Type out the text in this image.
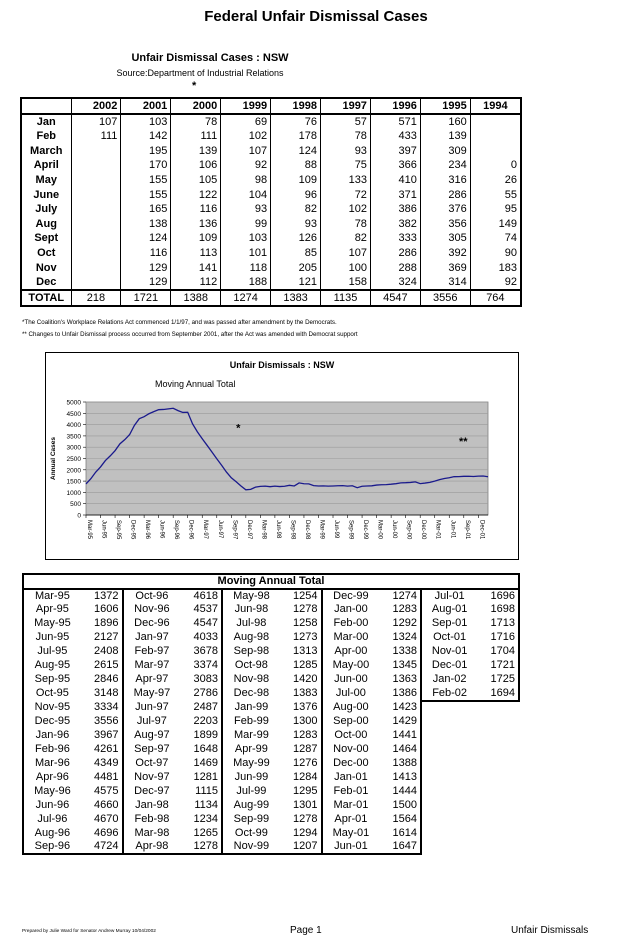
Federal Unfair Dismissal Cases
Unfair Dismissal Cases : NSW
Source:Department of Industrial Relations
*
	2002	2001	2000	1999	1998	1997	1996	1995	1994
Jan	107	103	78	69	76	57	571	160	
Feb	111	142	111	102	178	78	433	139	
March		195	139	107	124	93	397	309	
April		170	106	92	88	75	366	234	0
May		155	105	98	109	133	410	316	26
June		155	122	104	96	72	371	286	55
July		165	116	93	82	102	386	376	95
Aug		138	136	99	93	78	382	356	149
Sept		124	109	103	126	82	333	305	74
Oct		116	113	101	85	107	286	392	90
Nov		129	141	118	205	100	288	369	183
Dec		129	112	188	121	158	324	314	92
TOTAL	218	1721	1388	1274	1383	1135	4547	3556	764
*The Coalition's Workplace Relations Act commenced 1/1/97, and was passed after amendment by the Democrats.
** Changes to Unfair Dismissal process occurred from September 2001, after the Act was amended with Democrat support
Unfair Dismissals : NSW
Moving Annual Total
0
500
1000
1500
2000
2500
3000
3500
4000
4500
5000
Annual Cases
Mar-95 Jun-95 Sep-95 Dec-95 Mar-96 Jun-96 Sep-96 Dec-96 Mar-97 Jun-97 Sep-97 Dec-97 Mar-98 Jun-98 Sep-98 Dec-98 Mar-99 Jun-99 Sep-99 Dec-99 Mar-00 Jun-00 Sep-00 Dec-00 Mar-01 Jun-01 Sep-01 Dec-01
*
**
Moving Annual Total									
Mar-95	1372	Oct-96	4618	May-98	1254	Dec-99	1274	Jul-01	1696
Apr-95	1606	Nov-96	4537	Jun-98	1278	Jan-00	1283	Aug-01	1698
May-95	1896	Dec-96	4547	Jul-98	1258	Feb-00	1292	Sep-01	1713
Jun-95	2127	Jan-97	4033	Aug-98	1273	Mar-00	1324	Oct-01	1716
Jul-95	2408	Feb-97	3678	Sep-98	1313	Apr-00	1338	Nov-01	1704
Aug-95	2615	Mar-97	3374	Oct-98	1285	May-00	1345	Dec-01	1721
Sep-95	2846	Apr-97	3083	Nov-98	1420	Jun-00	1363	Jan-02	1725
Oct-95	3148	May-97	2786	Dec-98	1383	Jul-00	1386	Feb-02	1694
Nov-95	3334	Jun-97	2487	Jan-99	1376	Aug-00	1423		
Dec-95	3556	Jul-97	2203	Feb-99	1300	Sep-00	1429		
Jan-96	3967	Aug-97	1899	Mar-99	1283	Oct-00	1441		
Feb-96	4261	Sep-97	1648	Apr-99	1287	Nov-00	1464		
Mar-96	4349	Oct-97	1469	May-99	1276	Dec-00	1388		
Apr-96	4481	Nov-97	1281	Jun-99	1284	Jan-01	1413		
May-96	4575	Dec-97	1115	Jul-99	1295	Feb-01	1444		
Jun-96	4660	Jan-98	1134	Aug-99	1301	Mar-01	1500		
Jul-96	4670	Feb-98	1234	Sep-99	1278	Apr-01	1564		
Aug-96	4696	Mar-98	1265	Oct-99	1294	May-01	1614		
Sep-96	4724	Apr-98	1278	Nov-99	1207	Jun-01	1647		
Prepared by Julie Ward for Senator Andrew Murray 10/04/2002	Page 1	Unfair Dismissals
